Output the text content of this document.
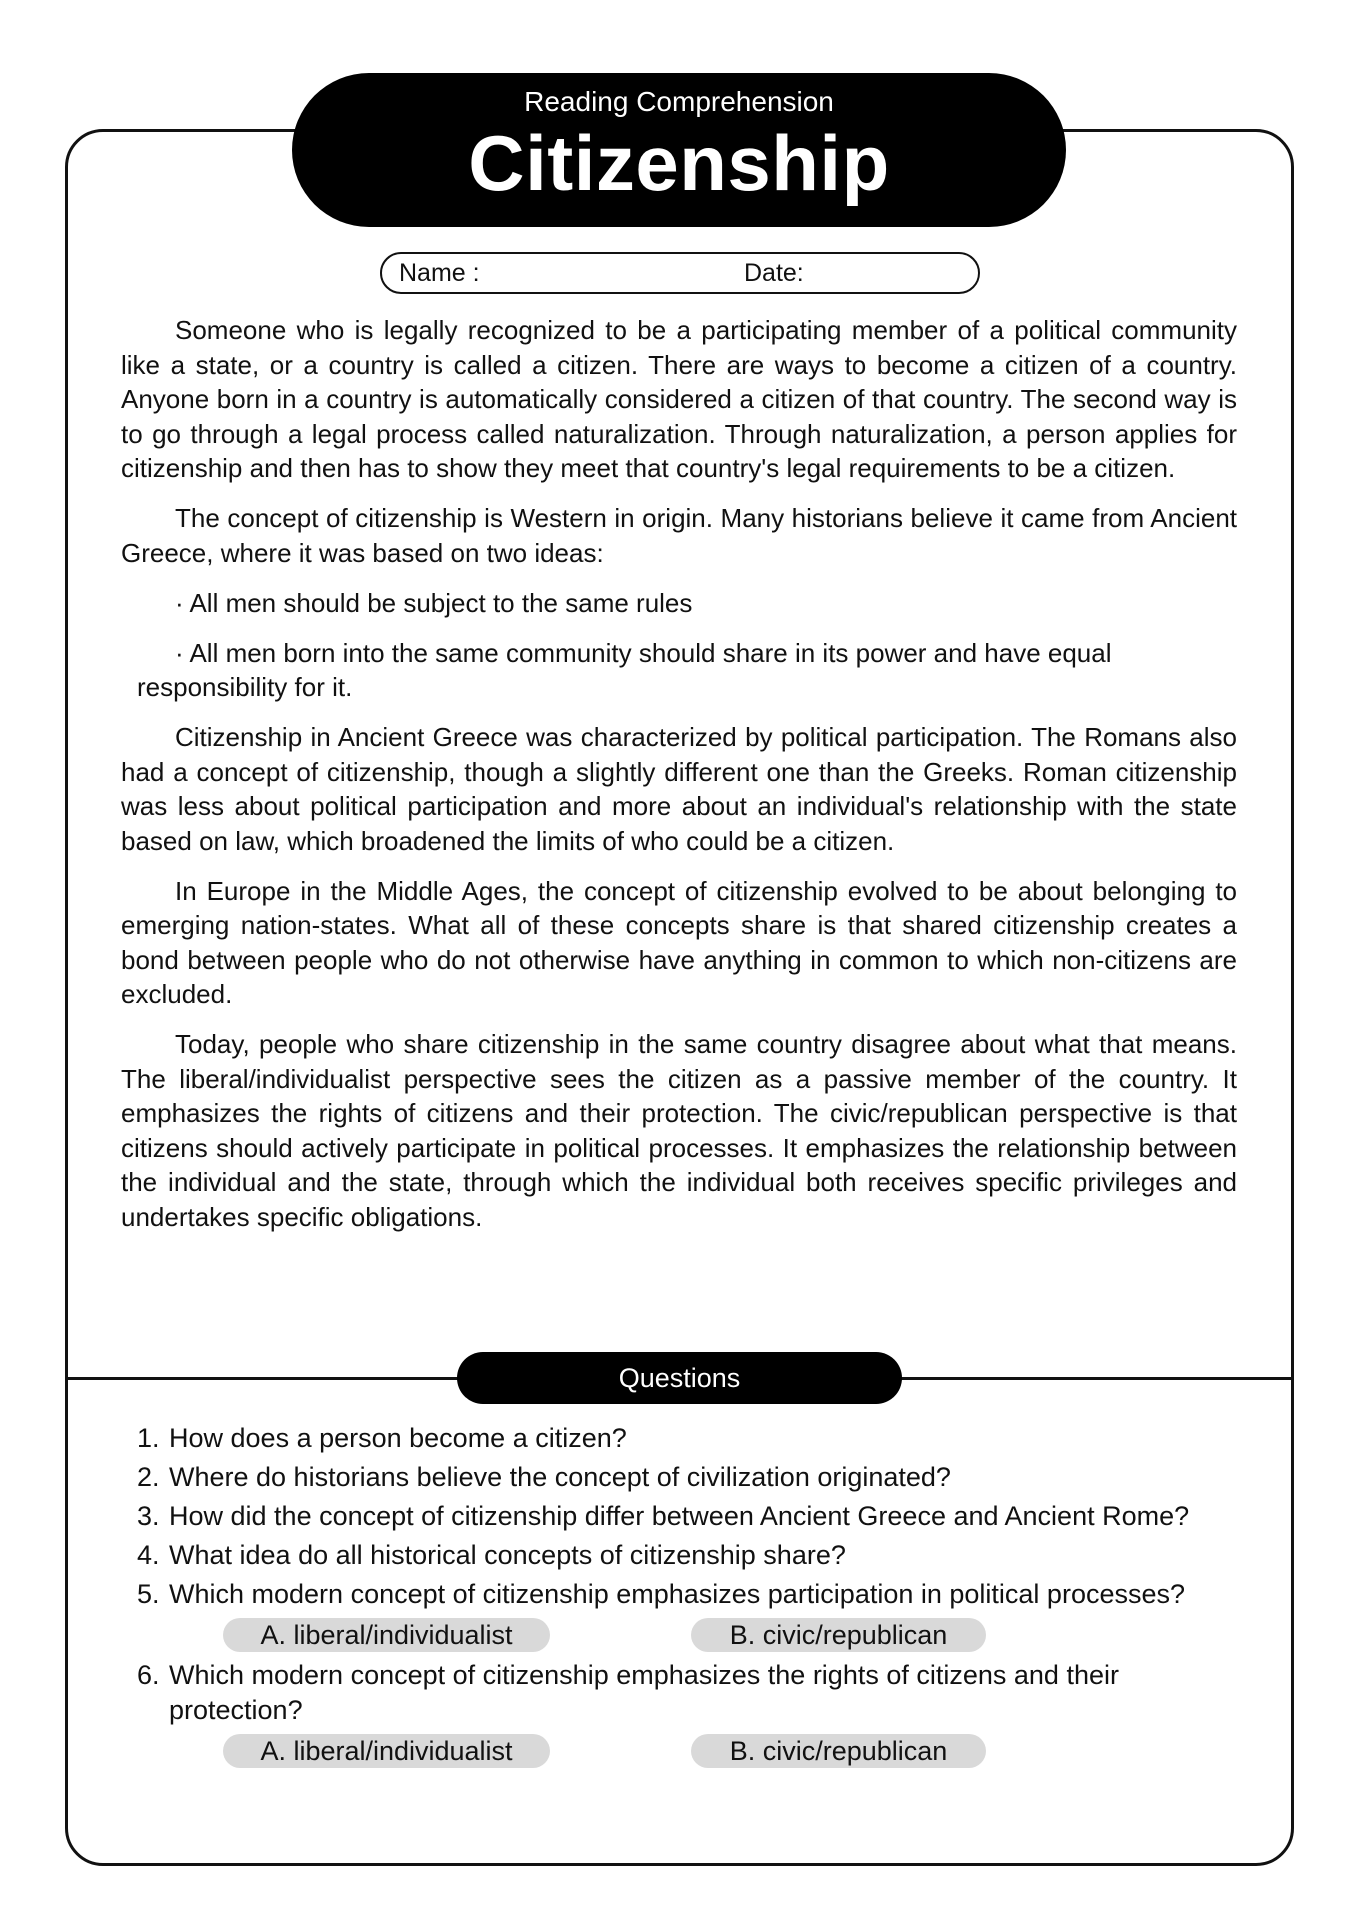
Reading Comprehension
Citizenship
Name :	Date:

Someone who is legally recognized to be a participating member of a political community like a state, or a country is called a citizen. There are ways to become a citizen of a country. Anyone born in a country is automatically considered a citizen of that country. The second way is to go through a legal process called naturalization. Through naturalization, a person applies for citizenship and then has to show they meet that country's legal requirements to be a citizen.

The concept of citizenship is Western in origin. Many historians believe it came from Ancient Greece, where it was based on two ideas:

· All men should be subject to the same rules

· All men born into the same community should share in its power and have equal responsibility for it.

Citizenship in Ancient Greece was characterized by political participation. The Romans also had a concept of citizenship, though a slightly different one than the Greeks. Roman citizenship was less about political participation and more about an individual's relationship with the state based on law, which broadened the limits of who could be a citizen.

In Europe in the Middle Ages, the concept of citizenship evolved to be about belonging to emerging nation-states. What all of these concepts share is that shared citizenship creates a bond between people who do not otherwise have anything in common to which non-citizens are excluded.

Today, people who share citizenship in the same country disagree about what that means. The liberal/individualist perspective sees the citizen as a passive member of the country. It emphasizes the rights of citizens and their protection. The civic/republican perspective is that citizens should actively participate in political processes. It emphasizes the relationship between the individual and the state, through which the individual both receives specific privileges and undertakes specific obligations.

Questions
1. How does a person become a citizen?
2. Where do historians believe the concept of civilization originated?
3. How did the concept of citizenship differ between Ancient Greece and Ancient Rome?
4. What idea do all historical concepts of citizenship share?
5. Which modern concept of citizenship emphasizes participation in political processes?
A. liberal/individualist	B. civic/republican
6. Which modern concept of citizenship emphasizes the rights of citizens and their protection?
A. liberal/individualist	B. civic/republican
